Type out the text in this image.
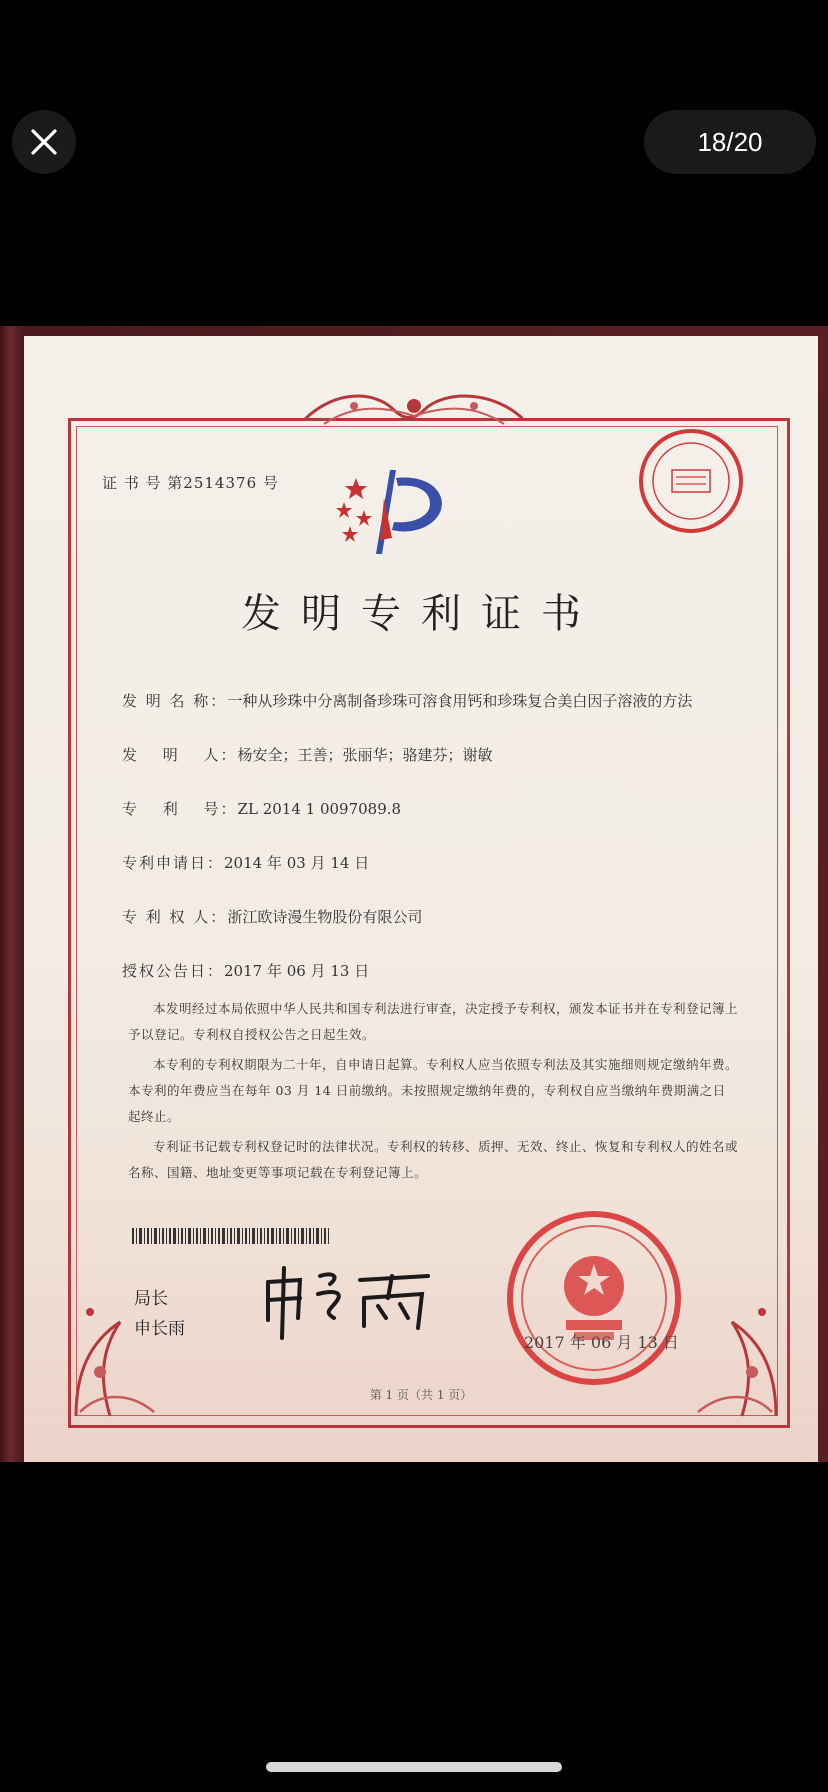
18/20
证 书 号 第2514376 号
发明专利证书
发 明 名 称：一种从珍珠中分离制备珍珠可溶食用钙和珍珠复合美白因子溶液的方法
发　 明　 人：杨安全；王善；张丽华；骆建芬；谢敏
专　 利　 号：ZL 2014 1 0097089.8
专利申请日：2014 年 03 月 14 日
专 利 权 人：浙江欧诗漫生物股份有限公司
授权公告日：2017 年 06 月 13 日
本发明经过本局依照中华人民共和国专利法进行审查，决定授予专利权，颁发本证书并在专利登记簿上予以登记。专利权自授权公告之日起生效。
本专利的专利权期限为二十年，自申请日起算。专利权人应当依照专利法及其实施细则规定缴纳年费。本专利的年费应当在每年 03 月 14 日前缴纳。未按照规定缴纳年费的，专利权自应当缴纳年费期满之日起终止。
专利证书记载专利权登记时的法律状况。专利权的转移、质押、无效、终止、恢复和专利权人的姓名或名称、国籍、地址变更等事项记载在专利登记簿上。
局长
申长雨
2017 年 06 月 13 日
第 1 页（共 1 页）
